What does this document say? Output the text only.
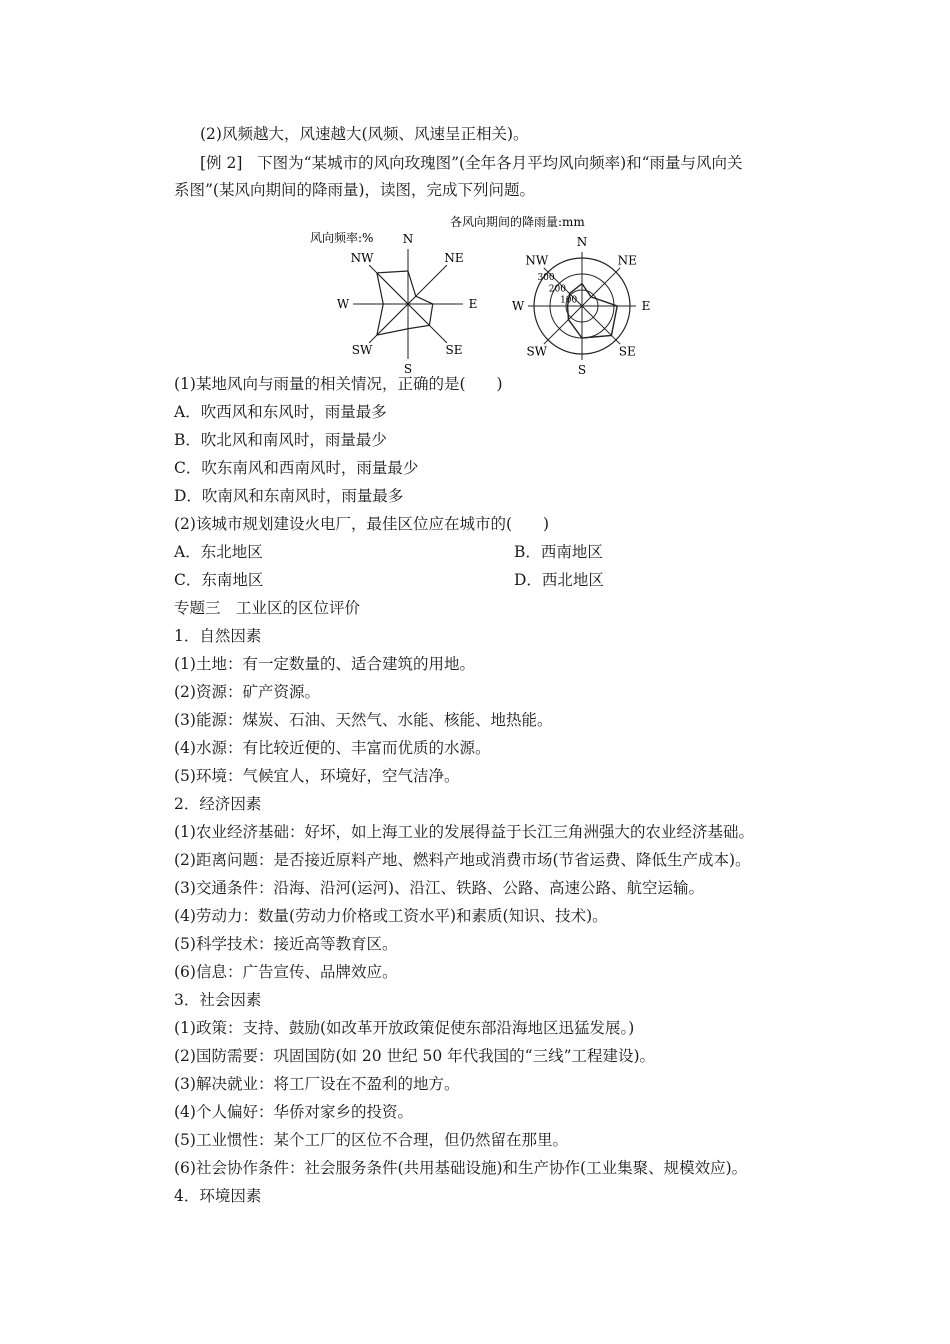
(2)风频越大，风速越大(风频、风速呈正相关)。
[例 2] 下图为“某城市的风向玫瑰图”(全年各月平均风向频率)和“雨量与风向关
系图”(某风向期间的降雨量)，读图，完成下列问题。
风向频率:% N
NE
E
SE
S
SW
W
NW
各风向期间的降雨量:mm
N
NE
E
SE
S
SW
W
NW
300
200
100
(1)某地风向与雨量的相关情况，正确的是(　　)
A．吹西风和东风时，雨量最多
B．吹北风和南风时，雨量最少
C．吹东南风和西南风时，雨量最少
D．吹南风和东南风时，雨量最多
(2)该城市规划建设火电厂，最佳区位应在城市的(　　)
A．东北地区	B．西南地区
C．东南地区	D．西北地区
专题三　工业区的区位评价
1．自然因素
(1)土地：有一定数量的、适合建筑的用地。
(2)资源：矿产资源。
(3)能源：煤炭、石油、天然气、水能、核能、地热能。
(4)水源：有比较近便的、丰富而优质的水源。
(5)环境：气候宜人，环境好，空气洁净。
2．经济因素
(1)农业经济基础：好坏，如上海工业的发展得益于长江三角洲强大的农业经济基础。
(2)距离问题：是否接近原料产地、燃料产地或消费市场(节省运费、降低生产成本)。
(3)交通条件：沿海、沿河(运河)、沿江、铁路、公路、高速公路、航空运输。
(4)劳动力：数量(劳动力价格或工资水平)和素质(知识、技术)。
(5)科学技术：接近高等教育区。
(6)信息：广告宣传、品牌效应。
3．社会因素
(1)政策：支持、鼓励(如改革开放政策促使东部沿海地区迅猛发展。)
(2)国防需要：巩固国防(如 20 世纪 50 年代我国的“三线”工程建设)。
(3)解决就业：将工厂设在不盈利的地方。
(4)个人偏好：华侨对家乡的投资。
(5)工业惯性：某个工厂的区位不合理，但仍然留在那里。
(6)社会协作条件：社会服务条件(共用基础设施)和生产协作(工业集聚、规模效应)。
4．环境因素
